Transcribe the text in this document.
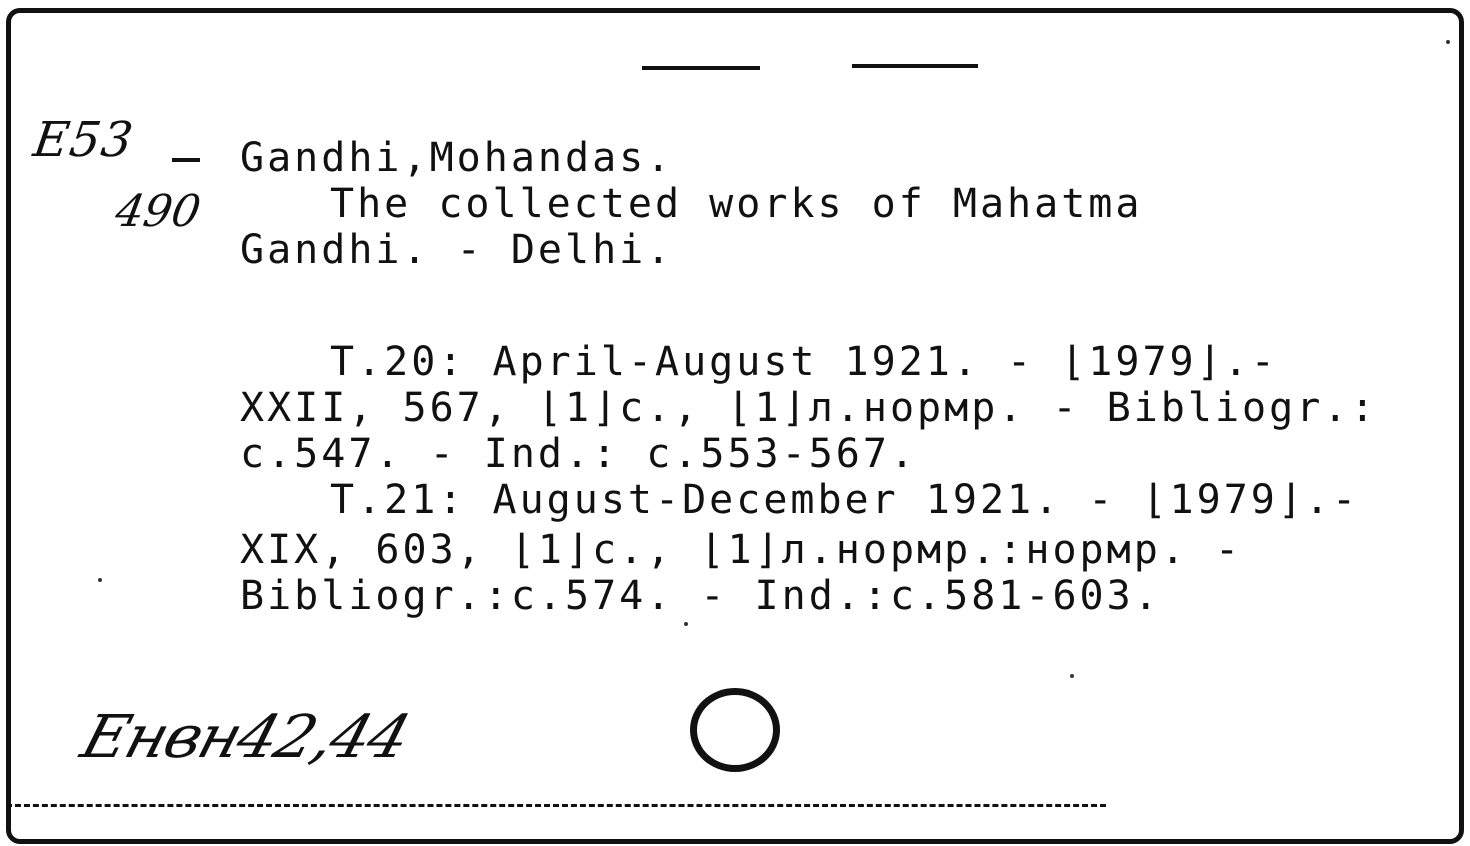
E53
490
Gandhi,Mohandas.
The collected works of Mahatma
Gandhi. - Delhi.
T.20: April-August 1921. - ⌊1979⌋.-
XXII, 567, ⌊1⌋c., ⌊1⌋л.нормр. - Bibliogr.:
c.547. - Ind.: c.553-567.
T.21: August-December 1921. - ⌊1979⌋.-
XIX, 603, ⌊1⌋c., ⌊1⌋л.нормр.:нормр. -
Bibliogr.:c.574. - Ind.:c.581-603.
Енвн42,44
